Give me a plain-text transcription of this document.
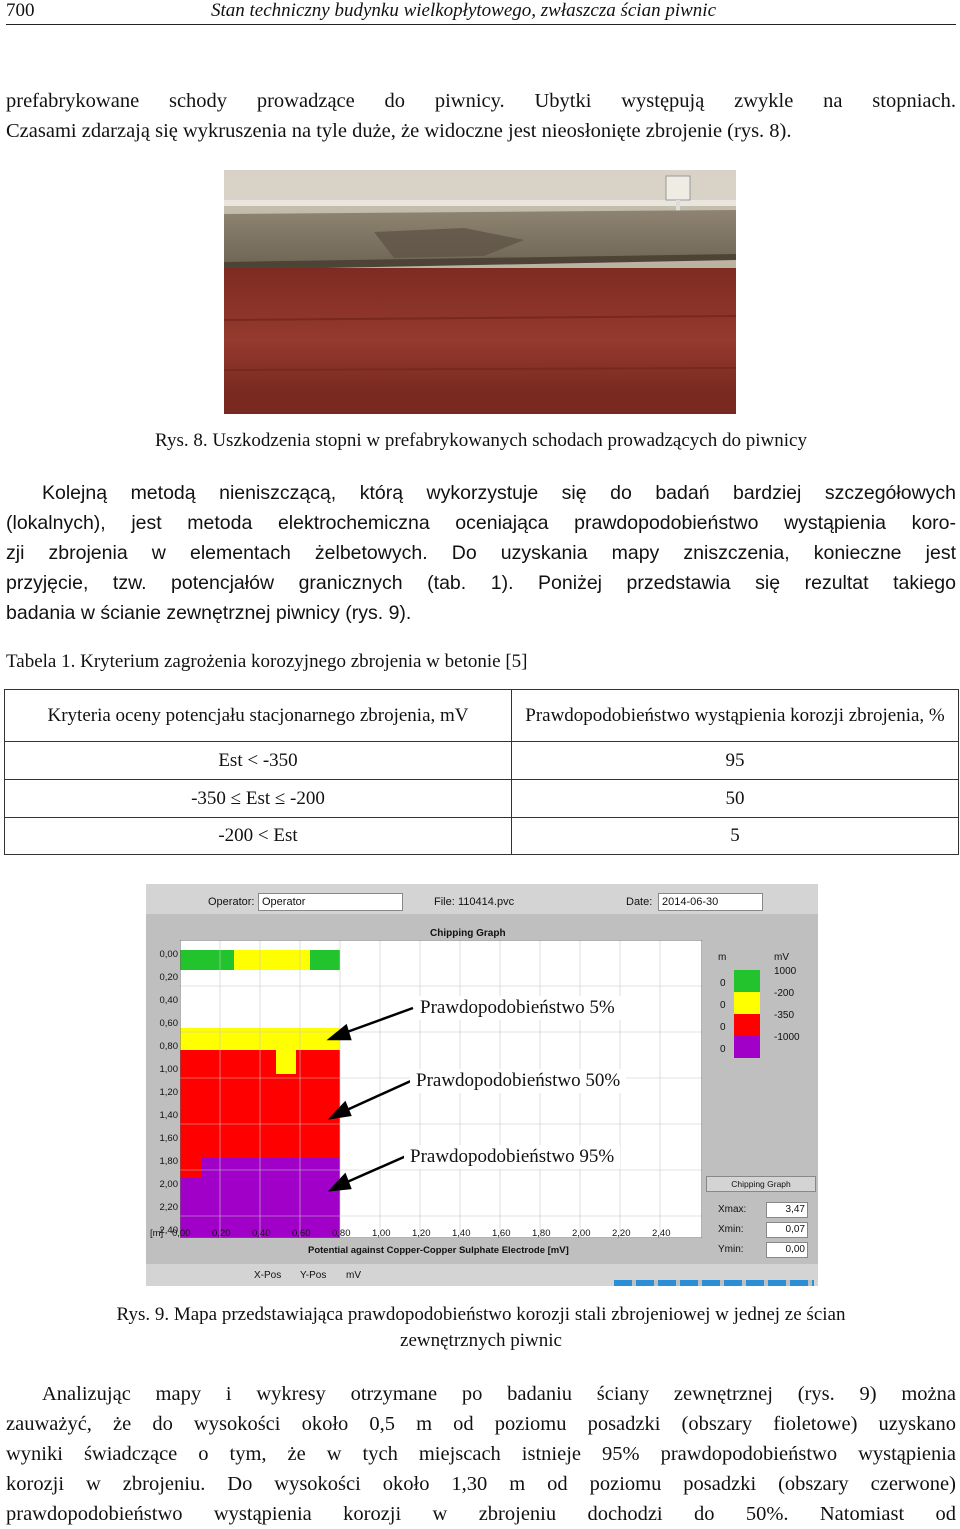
700	Stan techniczny budynku wielkopłytowego, zwłaszcza ścian piwnic
prefabrykowane schody prowadzące do piwnicy. Ubytki występują zwykle na stopniach.
Czasami zdarzają się wykruszenia na tyle duże, że widoczne jest nieosłonięte zbrojenie (rys. 8).
Rys. 8. Uszkodzenia stopni w prefabrykowanych schodach prowadzących do piwnicy
Kolejną metodą nieniszczącą, którą wykorzystuje się do badań bardziej szczegółowych
(lokalnych), jest metoda elektrochemiczna oceniająca prawdopodobieństwo wystąpienia koro-
zji zbrojenia w elementach żelbetowych. Do uzyskania mapy zniszczenia, konieczne jest
przyjęcie, tzw. potencjałów granicznych (tab. 1). Poniżej przedstawia się rezultat takiego
badania w ścianie zewnętrznej piwnicy (rys. 9).
Tabela 1. Kryterium zagrożenia korozyjnego zbrojenia w betonie [5]
Kryteria oceny potencjału stacjonarnego zbrojenia, mV	Prawdopodobieństwo wystąpienia korozji zbrojenia, %
Est < -350	95
-350 ≤ Est ≤ -200	50
-200 < Est	5
Operator: Operator	File: 110414.pvc	Date: 2014-06-30
Chipping Graph
0,00
0,20
0,40
0,60
0,80
1,00
1,20
1,40
1,60
1,80
2,00
2,20
2,40
Prawdopodobieństwo 5%
Prawdopodobieństwo 50%
Prawdopodobieństwo 95%
[m] 0,00 0,20 0,40 0,60 0,80 1,00 1,20 1,40 1,60 1,80 2,00 2,20 2,40
Potential against Copper-Copper Sulphate Electrode [mV]
X-Pos Y-Pos mV
m	mV
0
0
0
0
1000
-200
-350
-1000
Chipping Graph
Xmax:	3,47
Xmin:	0,07
Ymin:	0,00
Rys. 9. Mapa przedstawiająca prawdopodobieństwo korozji stali zbrojeniowej w jednej ze ścian
zewnętrznych piwnic
Analizując mapy i wykresy otrzymane po badaniu ściany zewnętrznej (rys. 9) można
zauważyć, że do wysokości około 0,5 m od poziomu posadzki (obszary fioletowe) uzyskano
wyniki świadczące o tym, że w tych miejscach istnieje 95% prawdopodobieństwo wystąpienia
korozji w zbrojeniu. Do wysokości około 1,30 m od poziomu posadzki (obszary czerwone)
prawdopodobieństwo wystąpienia korozji w zbrojeniu dochodzi do 50%. Natomiast od
